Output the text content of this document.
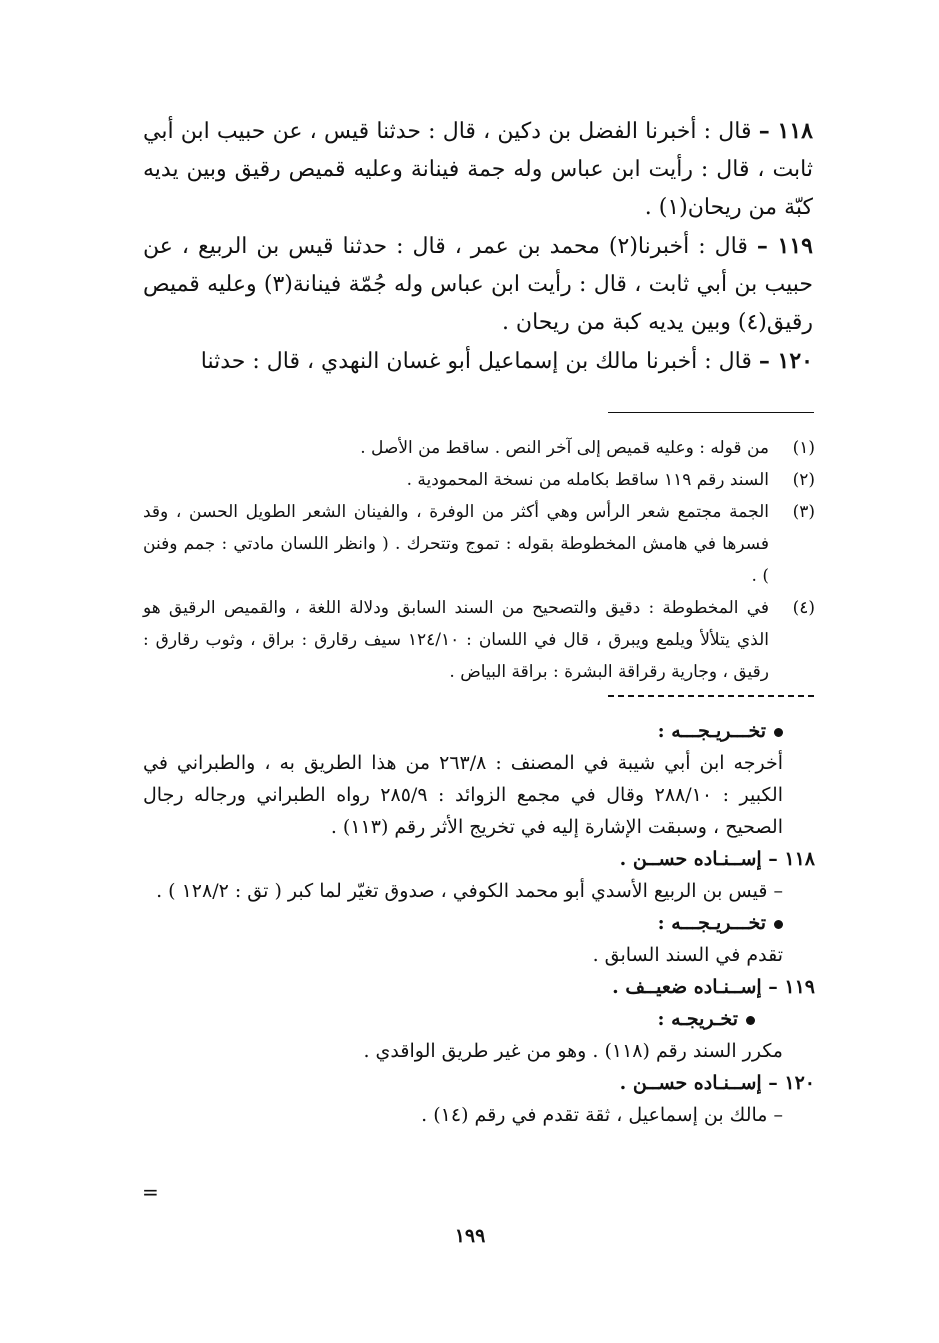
١١٨ – قال : أخبرنا الفضل بن دكين ، قال : حدثنا قيس ، عن حبيب ابن أبي ثابت ، قال : رأيت ابن عباس وله جمة فينانة وعليه قميص رقيق وبين يديه كبّة من ريحان(١) .

١١٩ – قال : أخبرنا(٢) محمد بن عمر ، قال : حدثنا قيس بن الربيع ، عن حبيب بن أبي ثابت ، قال : رأيت ابن عباس وله جُمّة فينانة(٣) وعليه قميص رقيق(٤) وبين يديه كبة من ريحان .

١٢٠ – قال : أخبرنا مالك بن إسماعيل أبو غسان النهدي ، قال : حدثنا

(١)
من قوله : وعليه قميص إلى آخر النص . ساقط من الأصل .
(٢)
السند رقم ١١٩ ساقط بكامله من نسخة المحمودية .
(٣)
الجمة مجتمع شعر الرأس وهي أكثر من الوفرة ، والفينان الشعر الطويل الحسن ، وقد فسرها في هامش المخطوطة بقوله : تموج وتتحرك . ( وانظر اللسان مادتي : جمم وفنن ) .
(٤)
في المخطوطة : دقيق والتصحيح من السند السابق ودلالة اللغة ، والقميص الرقيق هو الذي يتلألأ ويلمع ويبرق ، قال في اللسان : ١٢٤/١٠ سيف رقارق : براق ، وثوب رقارق : رقيق ، وجارية رقراقة البشرة : براقة البياض .

تخـــريـجـــه :

أخرجه ابن أبي شيبة في المصنف : ٢٦٣/٨ من هذا الطريق به ، والطبراني في الكبير : ٢٨٨/١٠ وقال في مجمع الزوائد : ٢٨٥/٩ رواه الطبراني ورجاله رجال الصحيح ، وسبقت الإشارة إليه في تخريج الأثر رقم (١١٣) .

١١٨ – إســنـاده حســن .

– قيس بن الربيع الأسدي أبو محمد الكوفي ، صدوق تغيّر لما كبر ( تق : ١٢٨/٢ ) .

تخـــريـجـــه :

تقدم في السند السابق .

١١٩ – إســنـاده ضعيــف .

تخـريجـه :

مكرر السند رقم (١١٨) . وهو من غير طريق الواقدي .

١٢٠ – إســنـاده حســن .

– مالك بن إسماعيل ، ثقة تقدم في رقم (١٤) .

=
١٩٩
